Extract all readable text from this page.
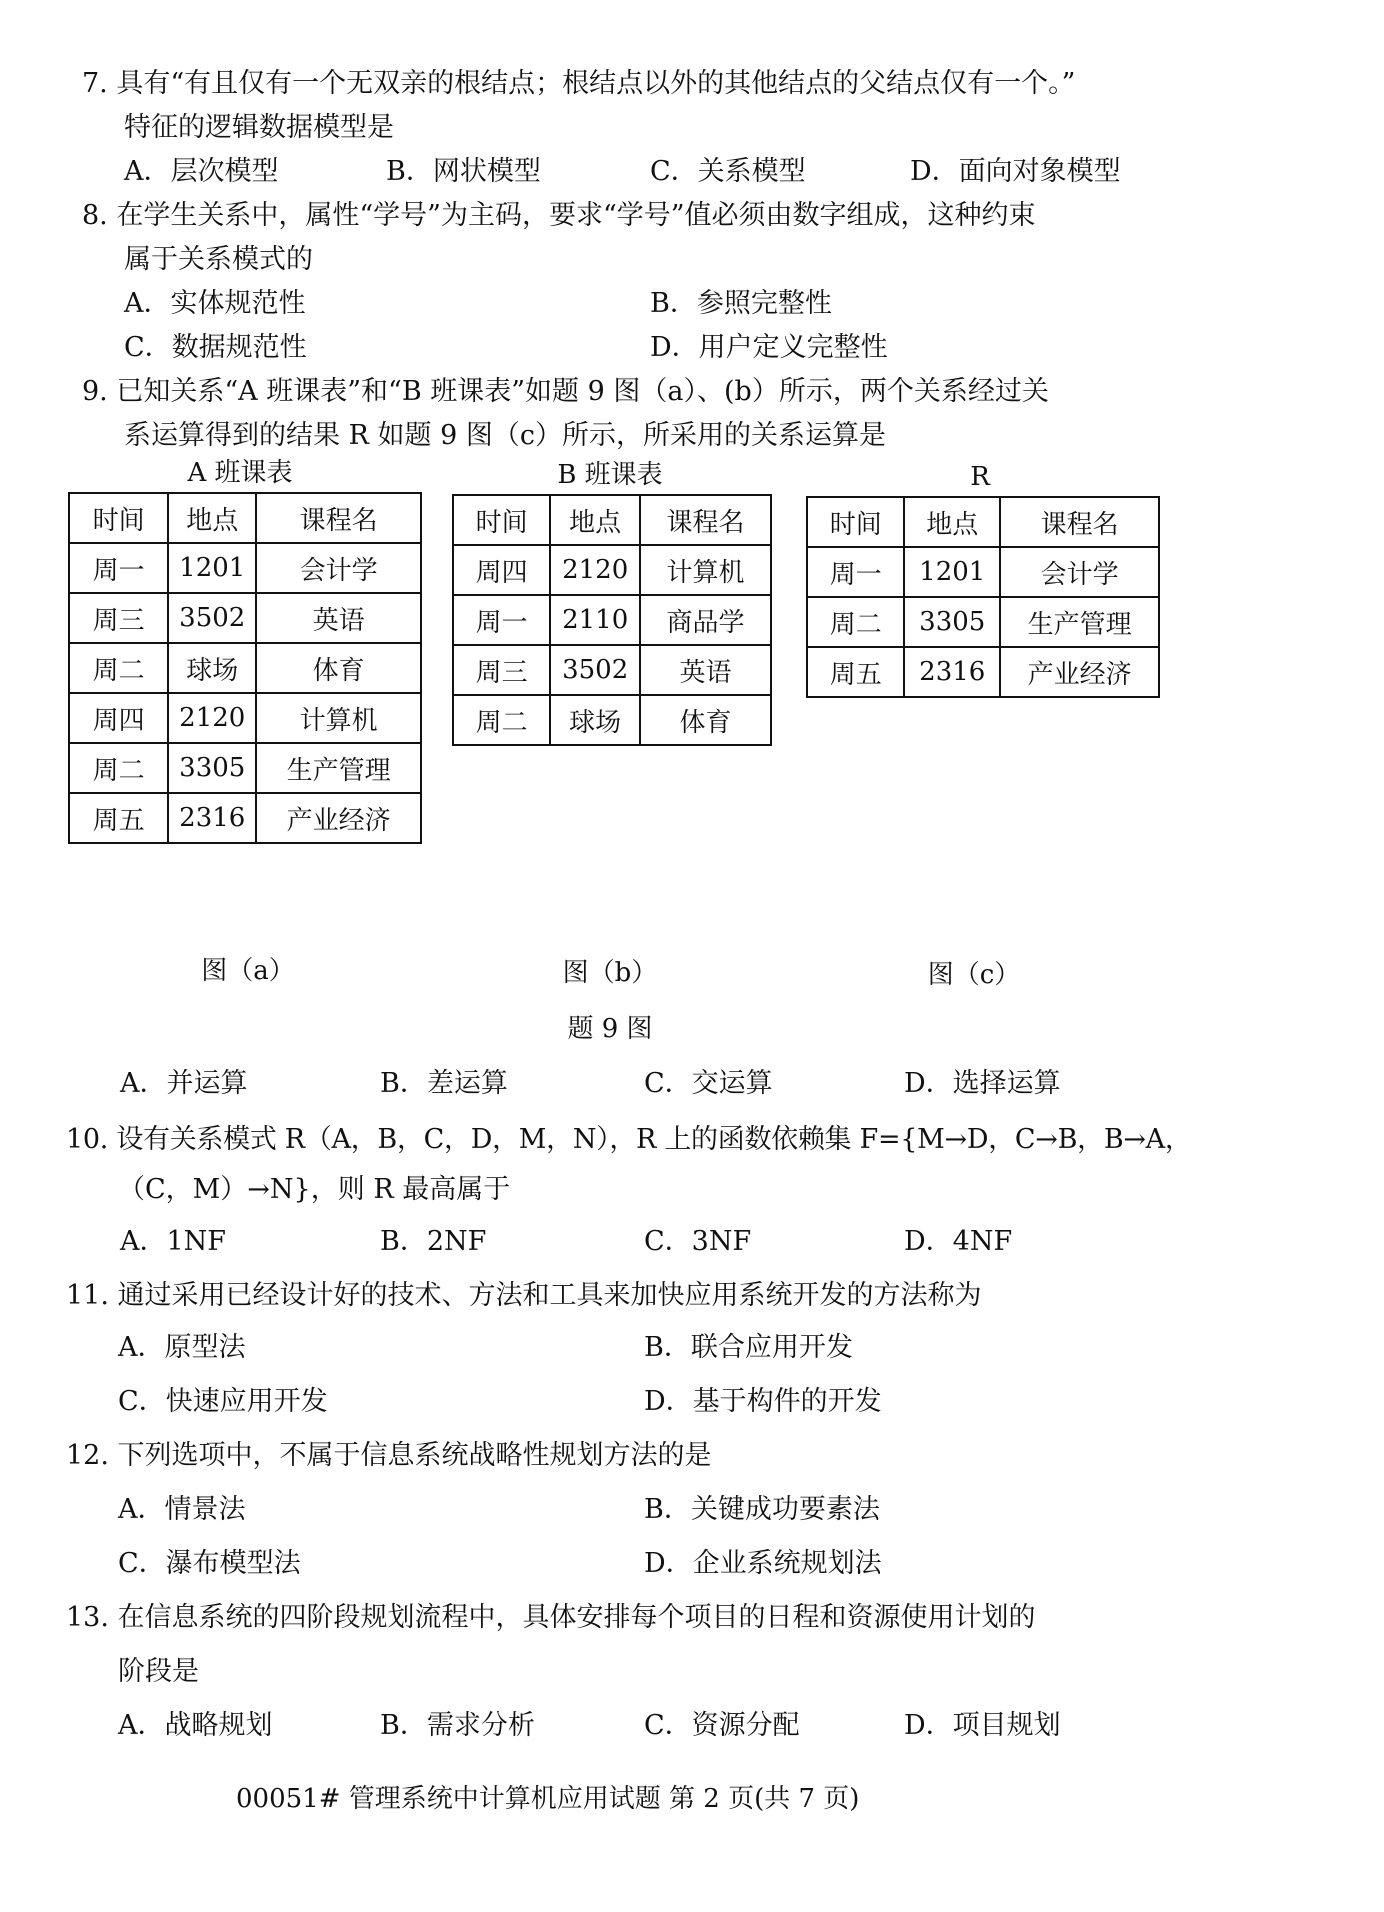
7. 具有“有且仅有一个无双亲的根结点；根结点以外的其他结点的父结点仅有一个。”
特征的逻辑数据模型是
A．层次模型	B．网状模型	C．关系模型	D．面向对象模型
8. 在学生关系中，属性“学号”为主码，要求“学号”值必须由数字组成，这种约束
属于关系模式的
A．实体规范性	B．参照完整性
C．数据规范性	D．用户定义完整性
9. 已知关系“A 班课表”和“B 班课表”如题 9 图（a）、(b）所示，两个关系经过关
系运算得到的结果 R 如题 9 图（c）所示，所采用的关系运算是
A 班课表	B 班课表	R
时间	地点	课程名
周一	1201	会计学
周三	3502	英语
周二	球场	体育
周四	2120	计算机
周二	3305	生产管理
周五	2316	产业经济
时间	地点	课程名
周四	2120	计算机
周一	2110	商品学
周三	3502	英语
周二	球场	体育
时间	地点	课程名
周一	1201	会计学
周二	3305	生产管理
周五	2316	产业经济
图（a）	图（b）	图（c）
题 9 图
A．并运算	B．差运算	C．交运算	D．选择运算
10. 设有关系模式 R（A，B，C，D，M，N），R 上的函数依赖集 F={M→D，C→B，B→A，
（C，M）→N}，则 R 最高属于
A．1NF	B．2NF	C．3NF	D．4NF
11. 通过采用已经设计好的技术、方法和工具来加快应用系统开发的方法称为
A．原型法	B．联合应用开发
C．快速应用开发	D．基于构件的开发
12. 下列选项中，不属于信息系统战略性规划方法的是
A．情景法	B．关键成功要素法
C．瀑布模型法	D．企业系统规划法
13. 在信息系统的四阶段规划流程中，具体安排每个项目的日程和资源使用计划的
阶段是
A．战略规划	B．需求分析	C．资源分配	D．项目规划
00051# 管理系统中计算机应用试题 第 2 页(共 7 页)
